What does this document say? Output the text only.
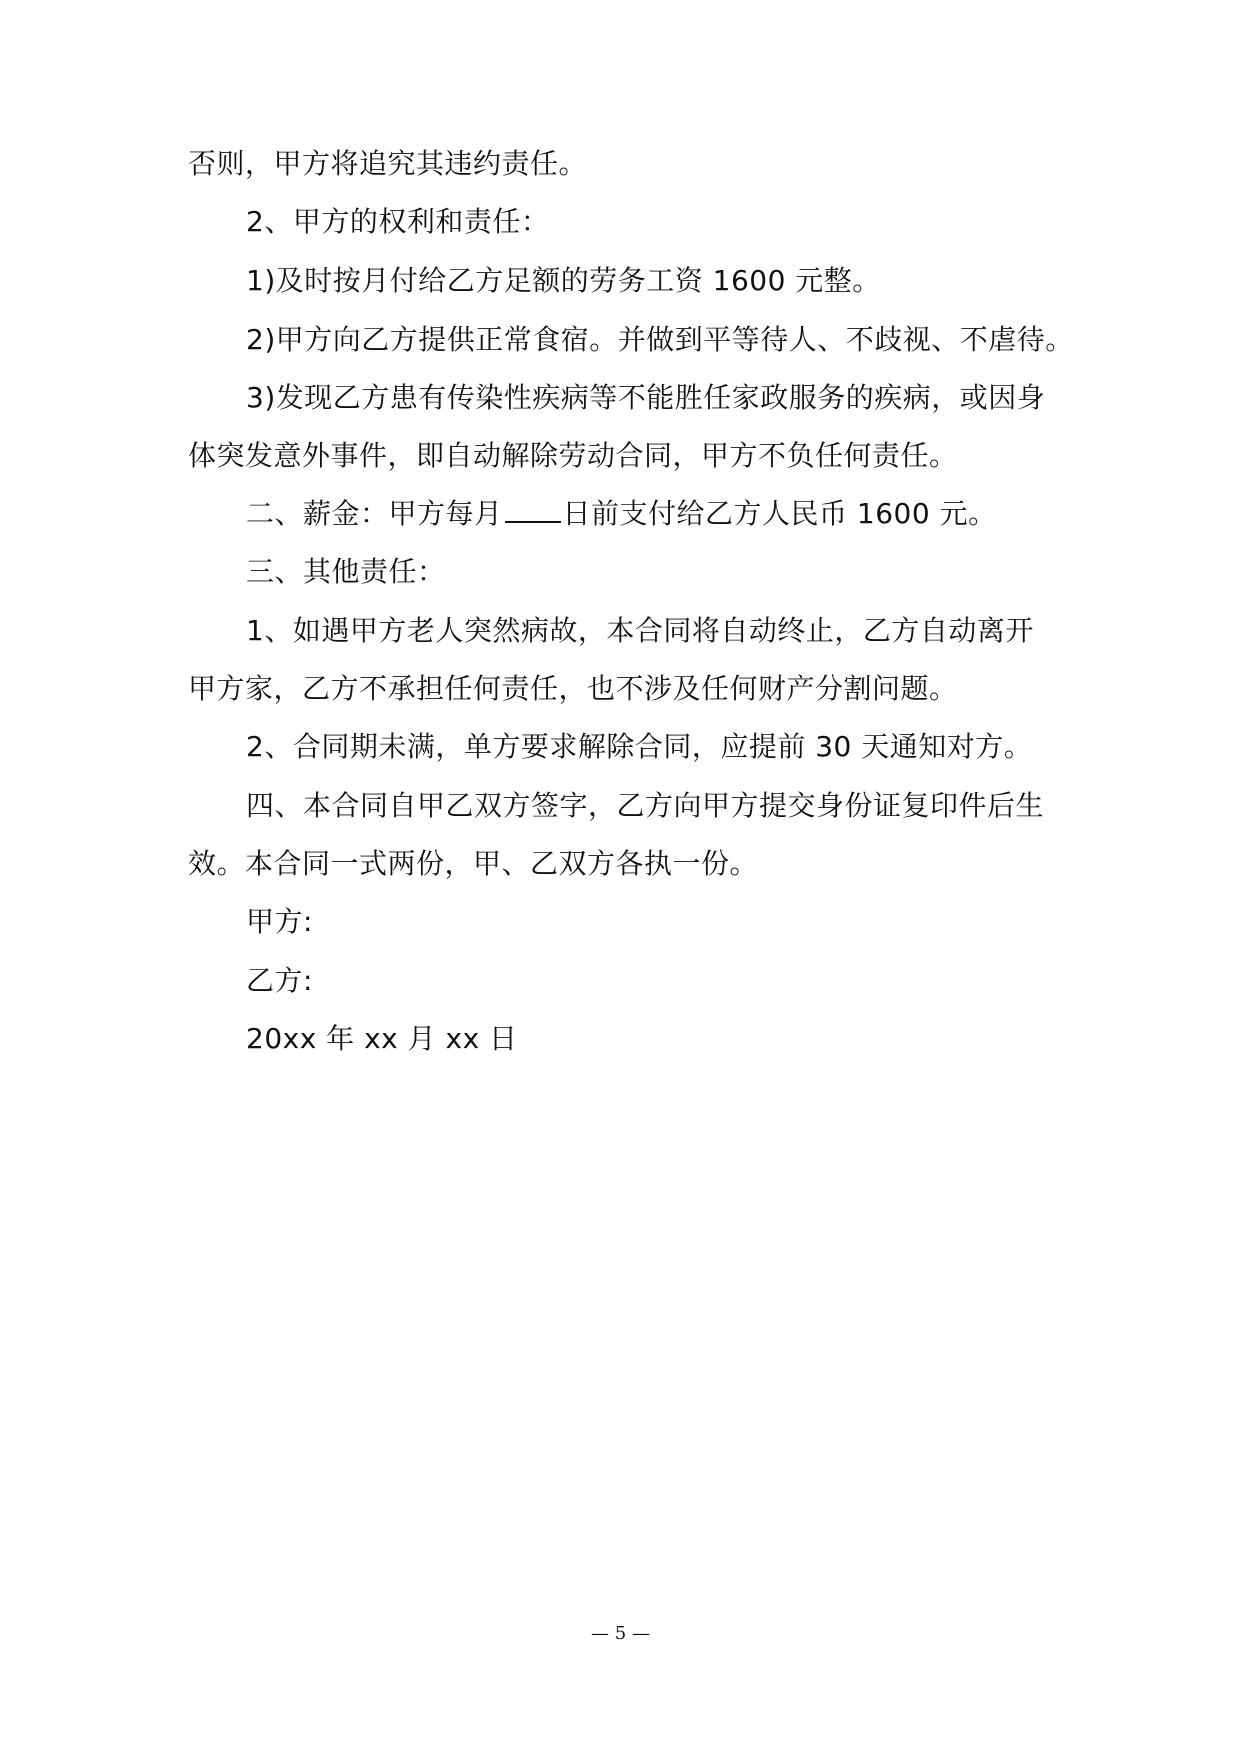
否则，甲方将追究其违约责任。
2、甲方的权利和责任：
1)及时按月付给乙方足额的劳务工资 1600 元整。
2)甲方向乙方提供正常食宿。并做到平等待人、不歧视、不虐待。
3)发现乙方患有传染性疾病等不能胜任家政服务的疾病，或因身
体突发意外事件，即自动解除劳动合同，甲方不负任何责任。
二、薪金：甲方每月 日前支付给乙方人民币 1600 元。
三、其他责任：
1、如遇甲方老人突然病故，本合同将自动终止，乙方自动离开
甲方家，乙方不承担任何责任，也不涉及任何财产分割问题。
2、合同期未满，单方要求解除合同，应提前 30 天通知对方。
四、本合同自甲乙双方签字，乙方向甲方提交身份证复印件后生
效。本合同一式两份，甲、乙双方各执一份。
甲方:
乙方:
20xx 年 xx 月 xx 日
— 5 —
